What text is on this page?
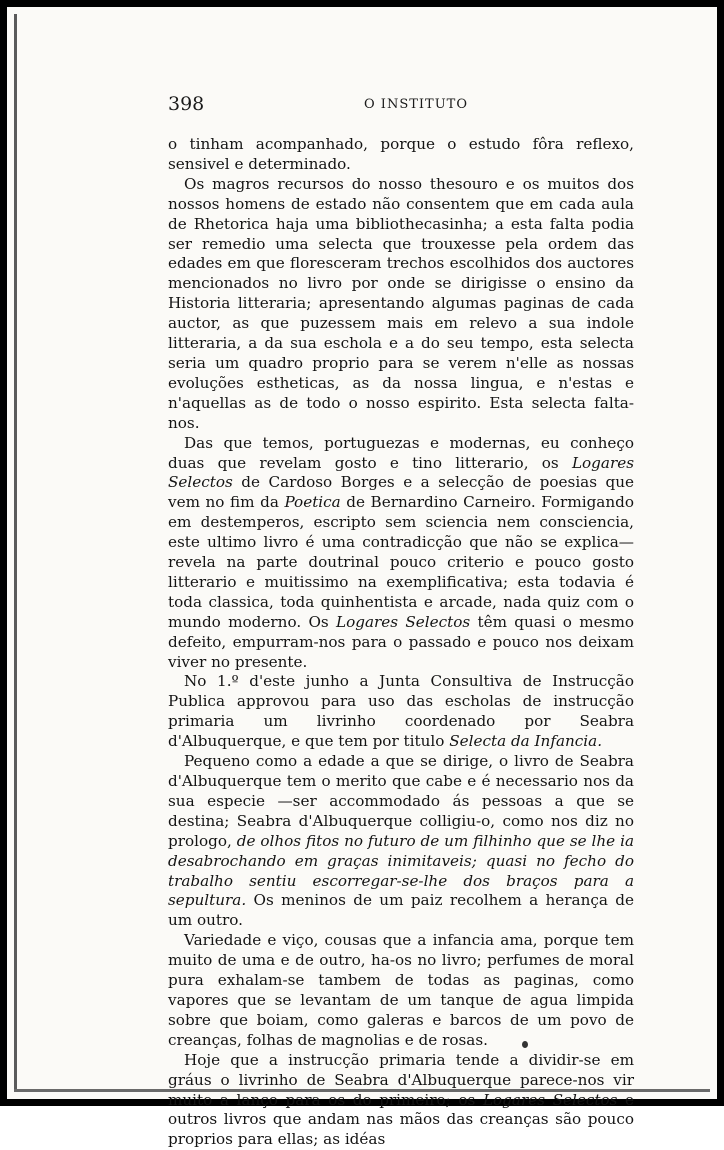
398	O INSTITUTO

o tinham acompanhado, porque o estudo fôra reflexo, sensivel e determinado.

Os magros recursos do nosso thesouro e os muitos dos nossos homens de estado não consentem que em cada aula de Rhetorica haja uma bibliothecasinha; a esta falta podia ser remedio uma selecta que trouxesse pela ordem das edades em que floresceram trechos escolhidos dos auctores mencionados no livro por onde se dirigisse o ensino da Historia litteraria; apresentando algumas paginas de cada auctor, as que puzessem mais em relevo a sua indole litteraria, a da sua eschola e a do seu tempo, esta selecta seria um quadro proprio para se verem n'elle as nossas evoluções estheticas, as da nossa lingua, e n'estas e n'aquellas as de todo o nosso espirito. Esta selecta falta-nos.

Das que temos, portuguezas e modernas, eu conheço duas que revelam gosto e tino litterario, os Logares Selectos de Cardoso Borges e a selecção de poesias que vem no fim da Poetica de Bernardino Carneiro. Formigando em destemperos, escripto sem sciencia nem consciencia, este ultimo livro é uma contradicção que não se explica—revela na parte doutrinal pouco criterio e pouco gosto litterario e muitissimo na exemplificativa; esta todavia é toda classica, toda quinhentista e arcade, nada quiz com o mundo moderno. Os Logares Selectos têm quasi o mesmo defeito, empurram-nos para o passado e pouco nos deixam viver no presente.

No 1.º d'este junho a Junta Consultiva de Instrucção Publica approvou para uso das escholas de instrucção primaria um livrinho coordenado por Seabra d'Albuquerque, e que tem por titulo Selecta da Infancia.

Pequeno como a edade a que se dirige, o livro de Seabra d'Albuquerque tem o merito que cabe e é necessario nos da sua especie —ser accommodado ás pessoas a que se destina; Seabra d'Albuquerque colligiu-o, como nos diz no prologo, de olhos fitos no futuro de um filhinho que se lhe ia desabrochando em graças inimitaveis; quasi no fecho do trabalho sentiu escorregar-se-lhe dos braços para a sepultura. Os meninos de um paiz recolhem a herança de um outro.

Variedade e viço, cousas que a infancia ama, porque tem muito de uma e de outro, ha-os no livro; perfumes de moral pura exhalam-se tambem de todas as paginas, como vapores que se levantam de um tanque de agua limpida sobre que boiam, como galeras e barcos de um povo de creanças, folhas de magnolias e de rosas.

Hoje que a instrucção primaria tende a dividir-se em gráus o livrinho de Seabra d'Albuquerque parece-nos vir muito a lanço para os do primeiro; os Logares Selectos e outros livros que andam nas mãos das creanças são pouco proprios para ellas; as idéas
